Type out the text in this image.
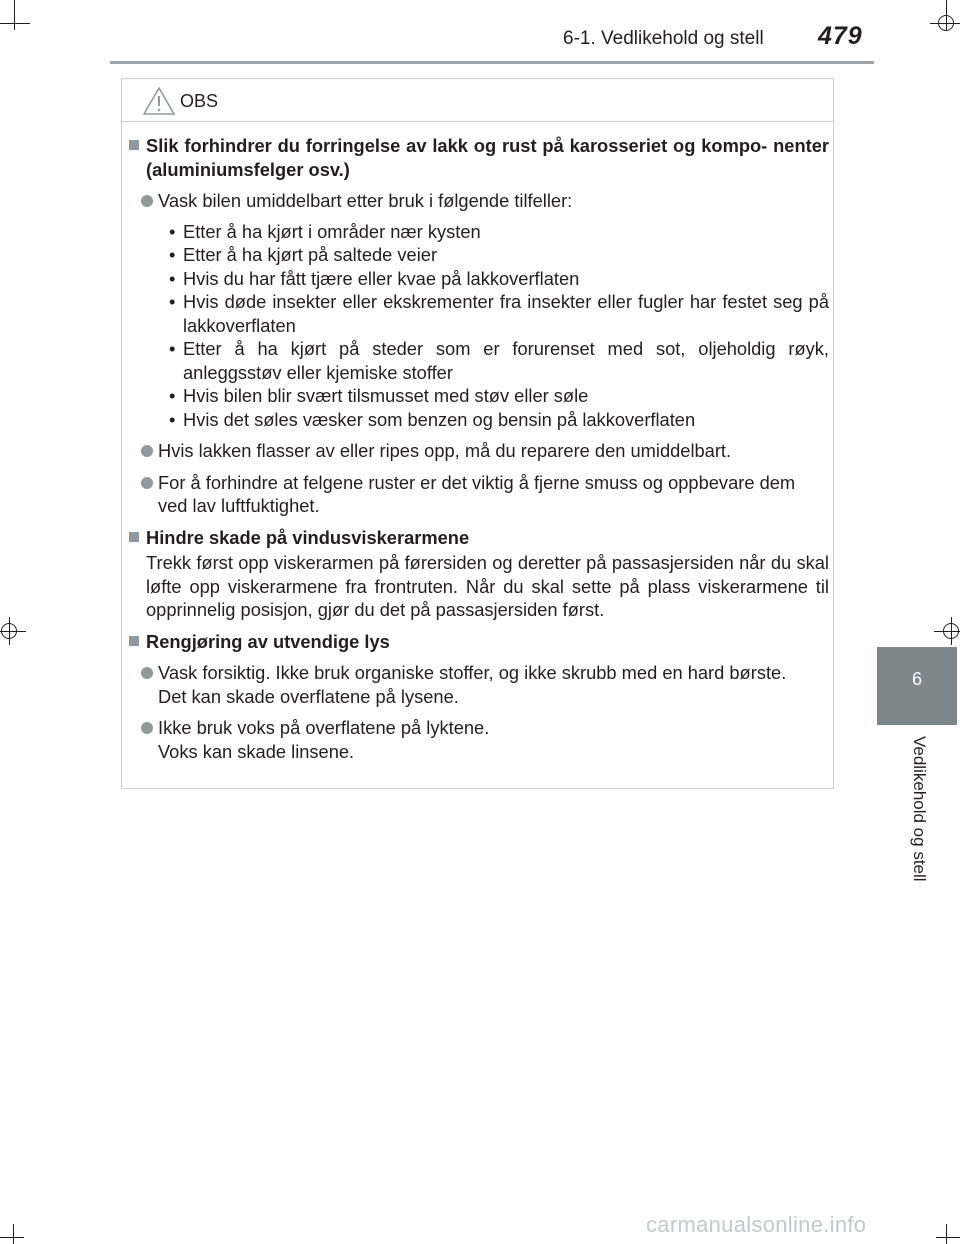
6-1. Vedlikehold og stell 479
6
Vedlikehold og stell
OBS
Slik forhindrer du forringelse av lakk og rust på karosseriet og kompo- nenter (aluminiumsfelger osv.)
Vask bilen umiddelbart etter bruk i følgende tilfeller:
• Etter å ha kjørt i områder nær kysten
• Etter å ha kjørt på saltede veier
• Hvis du har fått tjære eller kvae på lakkoverflaten
• Hvis døde insekter eller ekskrementer fra insekter eller fugler har festet seg på lakkoverflaten
• Etter å ha kjørt på steder som er forurenset med sot, oljeholdig røyk, anleggsstøv eller kjemiske stoffer
• Hvis bilen blir svært tilsmusset med støv eller søle
• Hvis det søles væsker som benzen og bensin på lakkoverflaten
Hvis lakken flasser av eller ripes opp, må du reparere den umiddelbart.
For å forhindre at felgene ruster er det viktig å fjerne smuss og oppbevare dem ved lav luftfuktighet.
Hindre skade på vindusviskerarmene
Trekk først opp viskerarmen på førersiden og deretter på passasjersiden når du skal løfte opp viskerarmene fra frontruten. Når du skal sette på plass viskerarmene til opprinnelig posisjon, gjør du det på passasjersiden først.
Rengjøring av utvendige lys
Vask forsiktig. Ikke bruk organiske stoffer, og ikke skrubb med en hard børste.
Det kan skade overflatene på lysene.
Ikke bruk voks på overflatene på lyktene.
Voks kan skade linsene.
carmanualsonline.info
